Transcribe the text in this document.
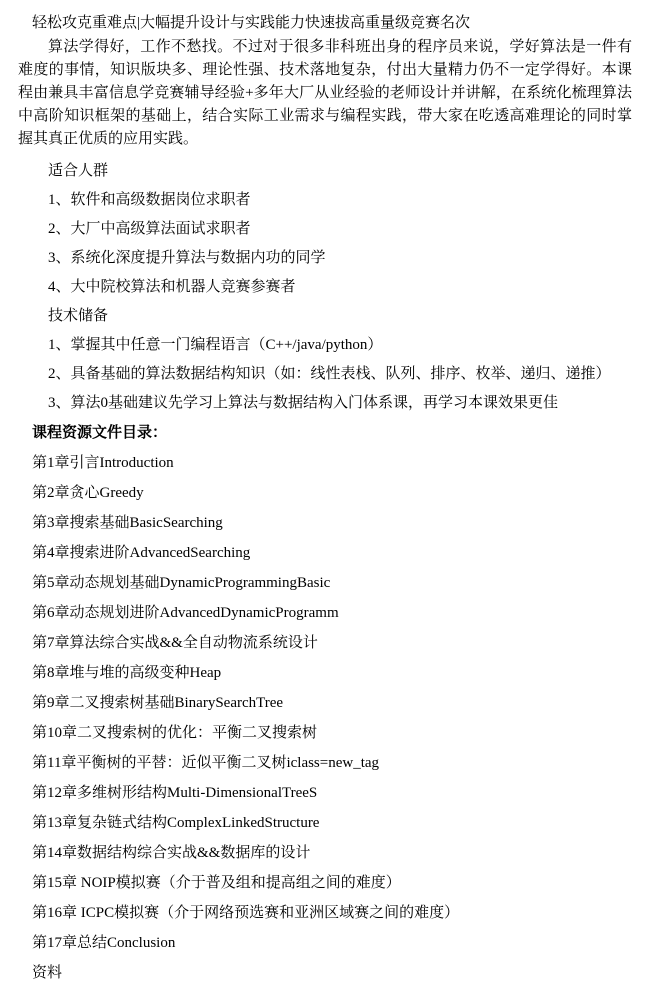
轻松攻克重难点|大幅提升设计与实践能力快速拔高重量级竞赛名次

算法学得好，工作不愁找。不过对于很多非科班出身的程序员来说，学好算法是一件有难度的事情，知识版块多、理论性强、技术落地复杂，付出大量精力仍不一定学得好。本课程由兼具丰富信息学竞赛辅导经验+多年大厂从业经验的老师设计并讲解，在系统化梳理算法中高阶知识框架的基础上，结合实际工业需求与编程实践，带大家在吃透高难理论的同时掌握其真正优质的应用实践。

适合人群

1、软件和高级数据岗位求职者

2、大厂中高级算法面试求职者

3、系统化深度提升算法与数据内功的同学

4、大中院校算法和机器人竞赛参赛者

技术储备

1、掌握其中任意一门编程语言（C++/java/python）

2、具备基础的算法数据结构知识（如：线性表栈、队列、排序、枚举、递归、递推）

3、算法0基础建议先学习上算法与数据结构入门体系课，再学习本课效果更佳

课程资源文件目录：

第1章引言Introduction

第2章贪心Greedy

第3章搜索基础BasicSearching

第4章搜索进阶AdvancedSearching

第5章动态规划基础DynamicProgrammingBasic

第6章动态规划进阶AdvancedDynamicProgramm

第7章算法综合实战&&全自动物流系统设计

第8章堆与堆的高级变种Heap

第9章二叉搜索树基础BinarySearchTree

第10章二叉搜索树的优化：平衡二叉搜索树

第11章平衡树的平替：近似平衡二叉树iclass=new_tag

第12章多维树形结构Multi-DimensionalTreeS

第13章复杂链式结构ComplexLinkedStructure

第14章数据结构综合实战&&数据库的设计

第15章 NOIP模拟赛（介于普及组和提高组之间的难度）

第16章 ICPC模拟赛（介于网络预选赛和亚洲区域赛之间的难度）

第17章总结Conclusion

资料
